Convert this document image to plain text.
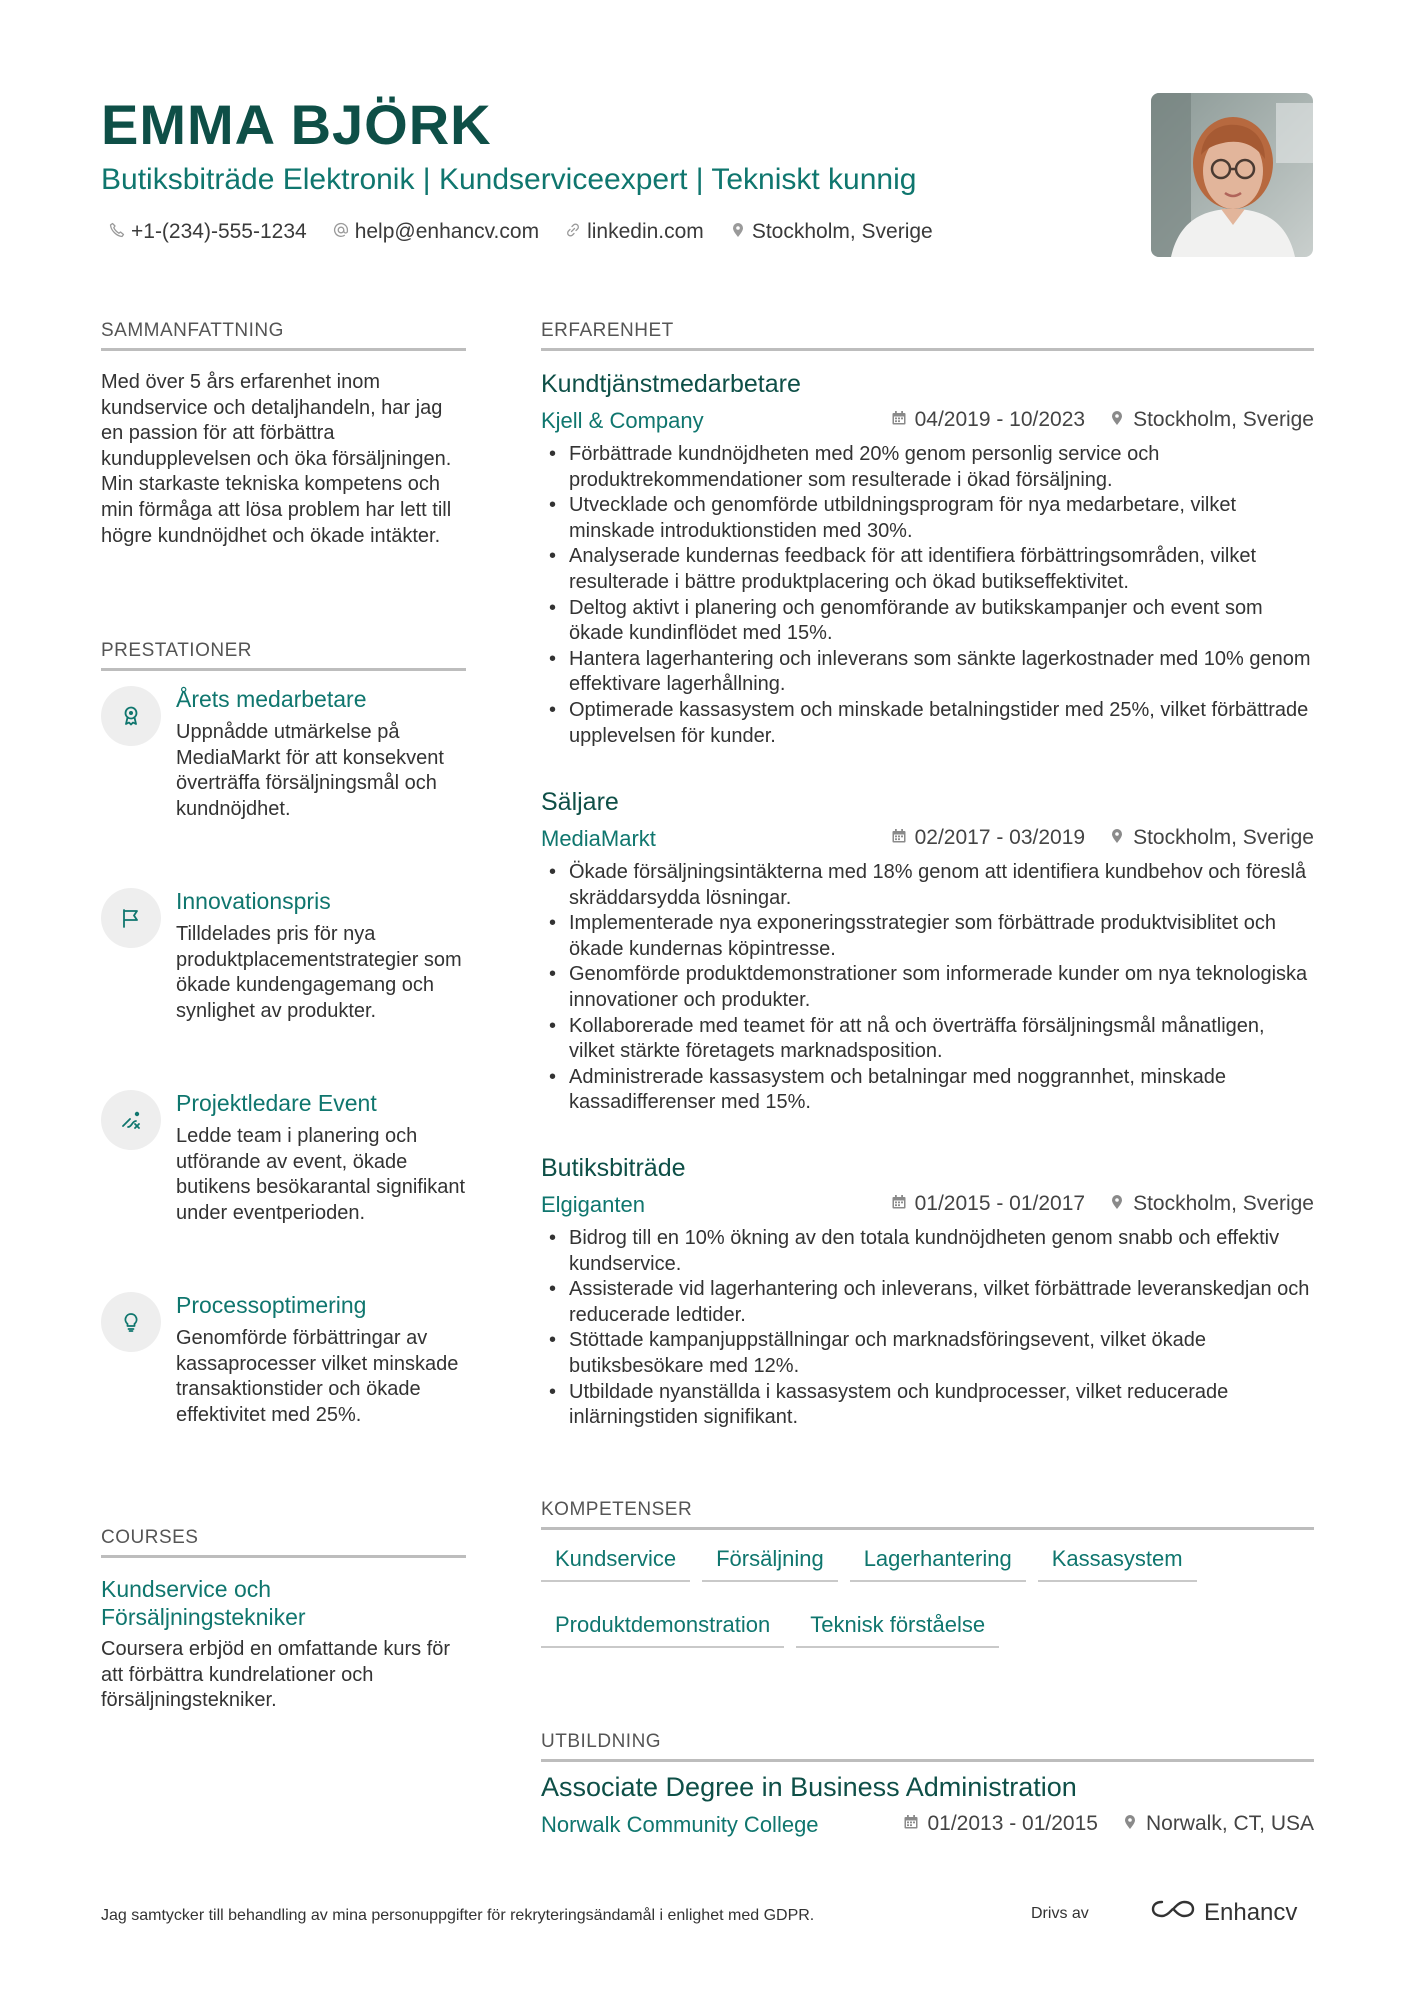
EMMA BJÖRK
Butiksbiträde Elektronik | Kundserviceexpert | Tekniskt kunnig
+1-(234)-555-1234 help@enhancv.com linkedin.com Stockholm, Sverige
SAMMANFATTNING
Med över 5 års erfarenhet inom kundservice och detaljhandeln, har jag en passion för att förbättra kundupplevelsen och öka försäljningen. Min starkaste tekniska kompetens och min förmåga att lösa problem har lett till högre kundnöjdhet och ökade intäkter.
PRESTATIONER
Årets medarbetare
Uppnådde utmärkelse på MediaMarkt för att konsekvent överträffa försäljningsmål och kundnöjdhet.
Innovationspris
Tilldelades pris för nya produktplacementstrategier som ökade kundengagemang och synlighet av produkter.
Projektledare Event
Ledde team i planering och utförande av event, ökade butikens besökarantal signifikant under eventperioden.
Processoptimering
Genomförde förbättringar av kassaprocesser vilket minskade transaktionstider och ökade effektivitet med 25%.
COURSES
Kundservice och Försäljningstekniker
Coursera erbjöd en omfattande kurs för att förbättra kundrelationer och försäljningstekniker.
ERFARENHET
Kundtjänstmedarbetare
Kjell & Company	04/2019 - 10/2023 Stockholm, Sverige
• Förbättrade kundnöjdheten med 20% genom personlig service och produktrekommendationer som resulterade i ökad försäljning.
• Utvecklade och genomförde utbildningsprogram för nya medarbetare, vilket minskade introduktionstiden med 30%.
• Analyserade kundernas feedback för att identifiera förbättringsområden, vilket resulterade i bättre produktplacering och ökad butikseffektivitet.
• Deltog aktivt i planering och genomförande av butikskampanjer och event som ökade kundinflödet med 15%.
• Hantera lagerhantering och inleverans som sänkte lagerkostnader med 10% genom effektivare lagerhållning.
• Optimerade kassasystem och minskade betalningstider med 25%, vilket förbättrade upplevelsen för kunder.
Säljare
MediaMarkt	02/2017 - 03/2019 Stockholm, Sverige
• Ökade försäljningsintäkterna med 18% genom att identifiera kundbehov och föreslå skräddarsydda lösningar.
• Implementerade nya exponeringsstrategier som förbättrade produktvisiblitet och ökade kundernas köpintresse.
• Genomförde produktdemonstrationer som informerade kunder om nya teknologiska innovationer och produkter.
• Kollaborerade med teamet för att nå och överträffa försäljningsmål månatligen, vilket stärkte företagets marknadsposition.
• Administrerade kassasystem och betalningar med noggrannhet, minskade kassadifferenser med 15%.
Butiksbiträde
Elgiganten	01/2015 - 01/2017 Stockholm, Sverige
• Bidrog till en 10% ökning av den totala kundnöjdheten genom snabb och effektiv kundservice.
• Assisterade vid lagerhantering och inleverans, vilket förbättrade leveranskedjan och reducerade ledtider.
• Stöttade kampanjuppställningar och marknadsföringsevent, vilket ökade butiksbesökare med 12%.
• Utbildade nyanställda i kassasystem och kundprocesser, vilket reducerade inlärningstiden signifikant.
KOMPETENSER
Kundservice	Försäljning	Lagerhantering	Kassasystem
Produktdemonstration	Teknisk förståelse
UTBILDNING
Associate Degree in Business Administration
Norwalk Community College	01/2013 - 01/2015 Norwalk, CT, USA
Jag samtycker till behandling av mina personuppgifter för rekryteringsändamål i enlighet med GDPR.	Drivs av	Enhancv
